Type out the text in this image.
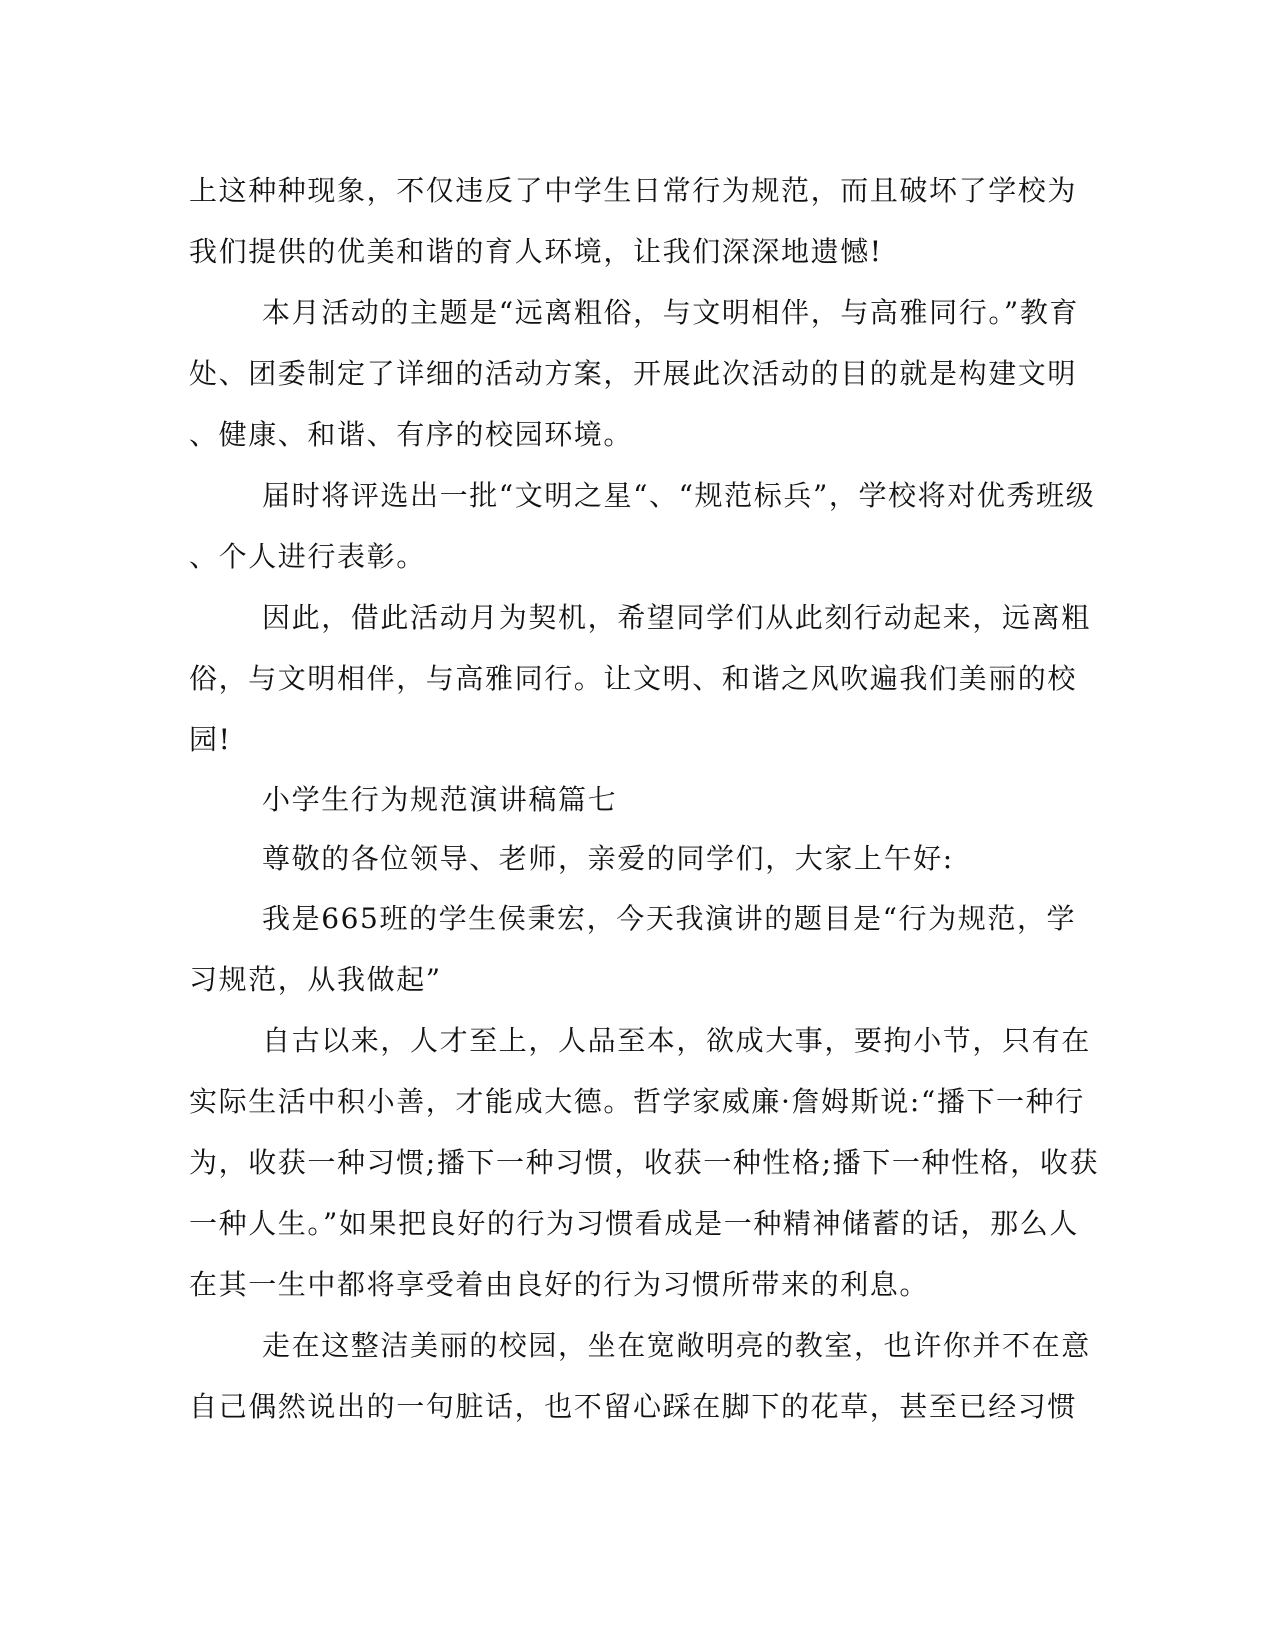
上这种种现象，不仅违反了中学生日常行为规范，而且破坏了学校为
我们提供的优美和谐的育人环境，让我们深深地遗憾!
本月活动的主题是“远离粗俗，与文明相伴，与高雅同行。”教育
处、团委制定了详细的活动方案，开展此次活动的目的就是构建文明
、健康、和谐、有序的校园环境。
届时将评选出一批“文明之星“、“规范标兵”，学校将对优秀班级
、个人进行表彰。
因此，借此活动月为契机，希望同学们从此刻行动起来，远离粗
俗，与文明相伴，与高雅同行。让文明、和谐之风吹遍我们美丽的校
园!
小学生行为规范演讲稿篇七
尊敬的各位领导、老师，亲爱的同学们，大家上午好:
我是665班的学生侯秉宏，今天我演讲的题目是“行为规范，学
习规范，从我做起”
自古以来，人才至上，人品至本，欲成大事，要拘小节，只有在
实际生活中积小善，才能成大德。哲学家威廉·詹姆斯说:“播下一种行
为，收获一种习惯;播下一种习惯，收获一种性格;播下一种性格，收获
一种人生。”如果把良好的行为习惯看成是一种精神储蓄的话，那么人
在其一生中都将享受着由良好的行为习惯所带来的利息。
走在这整洁美丽的校园，坐在宽敞明亮的教室，也许你并不在意
自己偶然说出的一句脏话，也不留心踩在脚下的花草，甚至已经习惯
